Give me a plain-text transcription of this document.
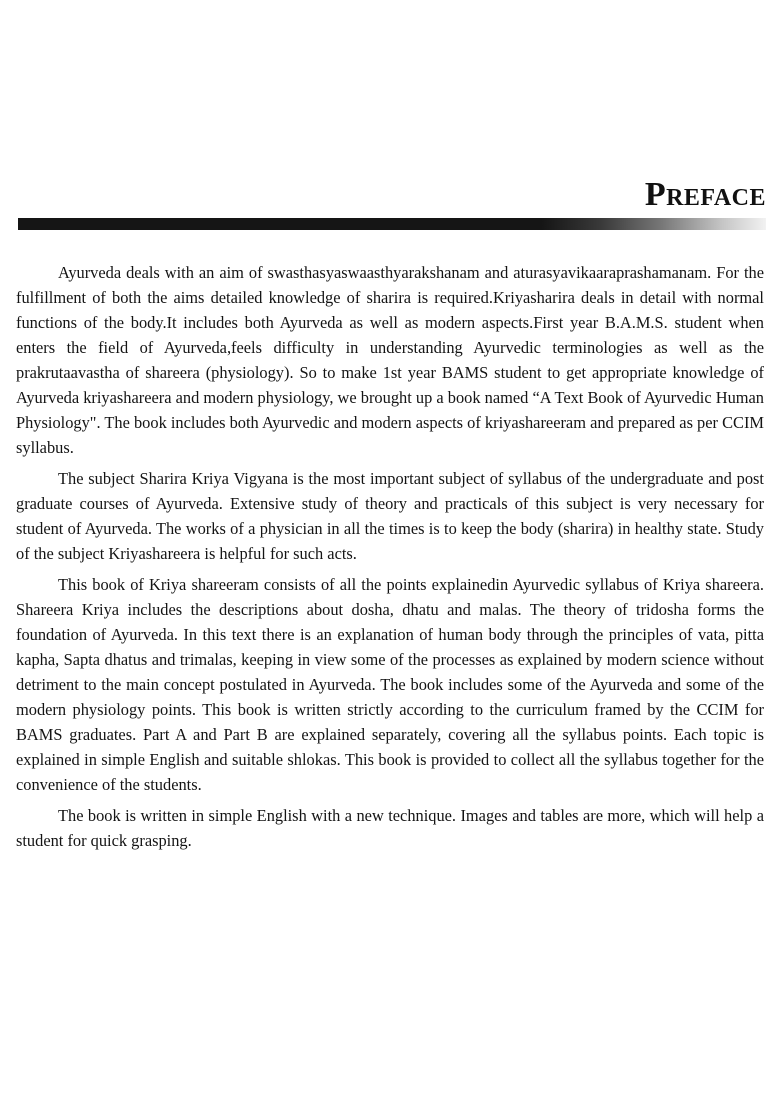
Preface

Ayurveda deals with an aim of swasthasyaswaasthyarakshanam and aturasyavikaaraprashamanam. For the fulfillment of both the aims detailed knowledge of sharira is required.Kriyasharira deals in detail with normal functions of the body.It includes both Ayurveda as well as modern aspects.First year B.A.M.S. student when enters the field of Ayurveda,feels difficulty in understanding Ayurvedic terminologies as well as the prakrutaavastha of shareera (physiology). So to make 1st year BAMS student to get appropriate knowledge of Ayurveda kriyashareera and modern physiology, we brought up a book named “A Text Book of Ayurvedic Human Physiology". The book includes both Ayurvedic and modern aspects of kriyashareeram and prepared as per CCIM syllabus.

The subject Sharira Kriya Vigyana is the most important subject of syllabus of the undergraduate and post graduate courses of Ayurveda. Extensive study of theory and practicals of this subject is very necessary for student of Ayurveda. The works of a physician in all the times is to keep the body (sharira) in healthy state. Study of the subject Kriyashareera is helpful for such acts.

This book of Kriya shareeram consists of all the points explainedin Ayurvedic syllabus of Kriya shareera. Shareera Kriya includes the descriptions about dosha, dhatu and malas. The theory of tridosha forms the foundation of Ayurveda. In this text there is an explanation of human body through the principles of vata, pitta kapha, Sapta dhatus and trimalas, keeping in view some of the processes as explained by modern science without detriment to the main concept postulated in Ayurveda. The book includes some of the Ayurveda and some of the modern physiology points. This book is written strictly according to the curriculum framed by the CCIM for BAMS graduates. Part A and Part B are explained separately, covering all the syllabus points. Each topic is explained in simple English and suitable shlokas. This book is provided to collect all the syllabus together for the convenience of the students.

The book is written in simple English with a new technique. Images and tables are more, which will help a student for quick grasping.
